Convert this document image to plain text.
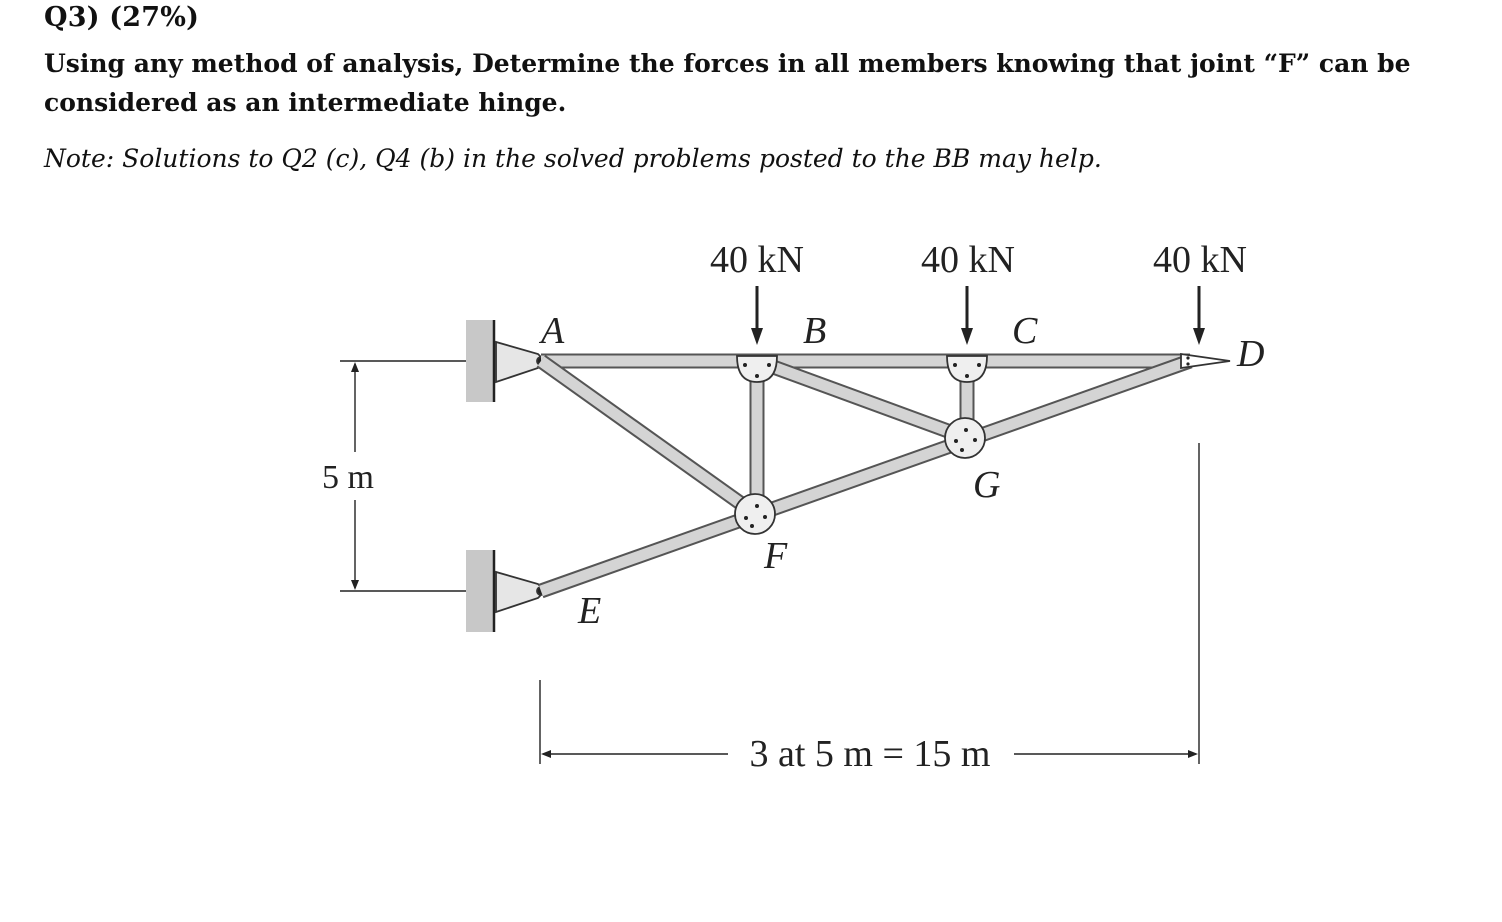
Q3) (27%)
Using any method of analysis, Determine the forces in all members knowing that joint “F” can be considered as an intermediate hinge.
Note: Solutions to Q2 (c), Q4 (b) in the solved problems posted to the BB may help.
5 m
3 at 5 m = 15 m
40 kN	40 kN	40 kN
A	B	C
D
E
F
G
